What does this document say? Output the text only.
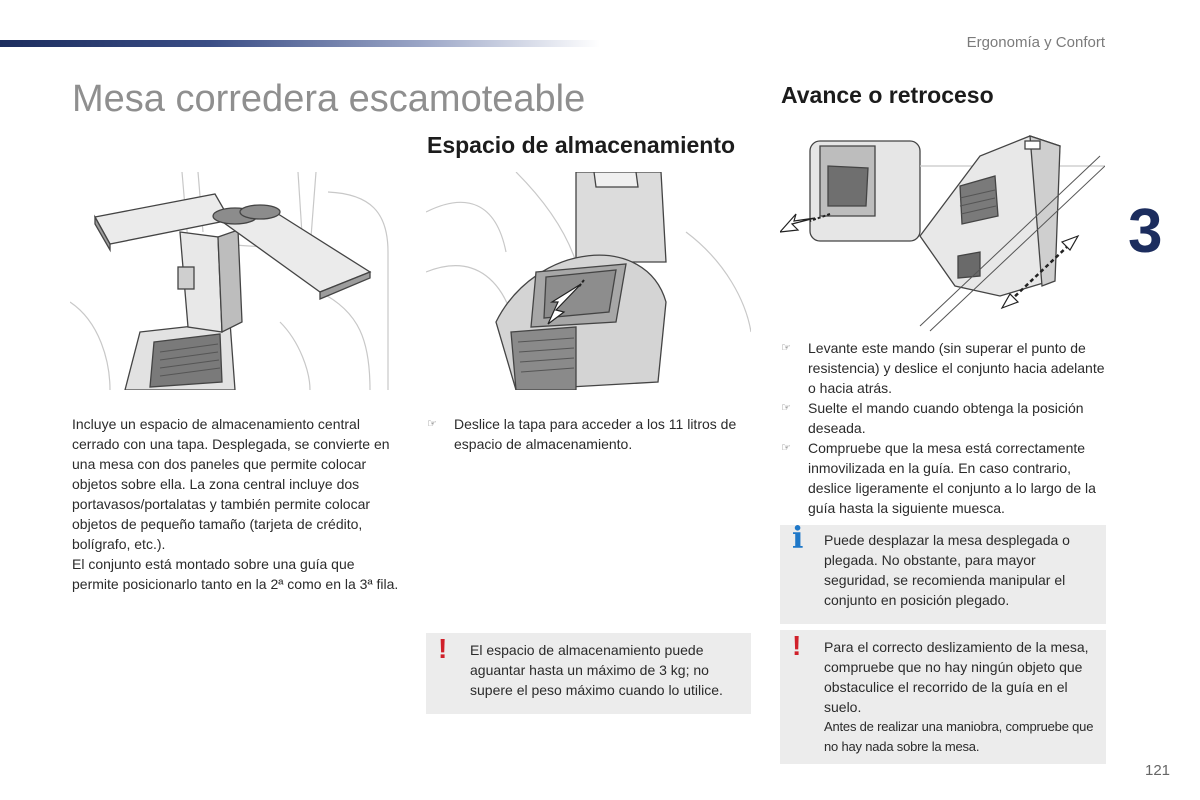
Ergonomía y Confort
3
Mesa corredera escamoteable
Espacio de almacenamiento
Avance o retroceso

Incluye un espacio de almacenamiento central cerrado con una tapa. Desplegada, se convierte en una mesa con dos paneles que permite colocar objetos sobre ella. La zona central incluye dos portavasos/portalatas y también permite colocar objetos de pequeño tamaño (tarjeta de crédito, bolígrafo, etc.).

El conjunto está montado sobre una guía que permite posicionarlo tanto en la 2ª como en la 3ª fila.

☞ Deslice la tapa para acceder a los 11 litros de espacio de almacenamiento.
☞ Levante este mando (sin superar el punto de resistencia) y deslice el conjunto hacia adelante o hacia atrás.
☞ Suelte el mando cuando obtenga la posición deseada.
☞ Compruebe que la mesa está correctamente inmovilizada en la guía. En caso contrario, deslice ligeramente el conjunto a lo largo de la guía hasta la siguiente muesca.
! El espacio de almacenamiento puede aguantar hasta un máximo de 3 kg; no supere el peso máximo cuando lo utilice.
i Puede desplazar la mesa desplegada o plegada. No obstante, para mayor seguridad, se recomienda manipular el conjunto en posición plegado.
! Para el correcto deslizamiento de la mesa, compruebe que no hay ningún objeto que obstaculice el recorrido de la guía en el suelo.
Antes de realizar una maniobra, compruebe que no hay nada sobre la mesa.
121
